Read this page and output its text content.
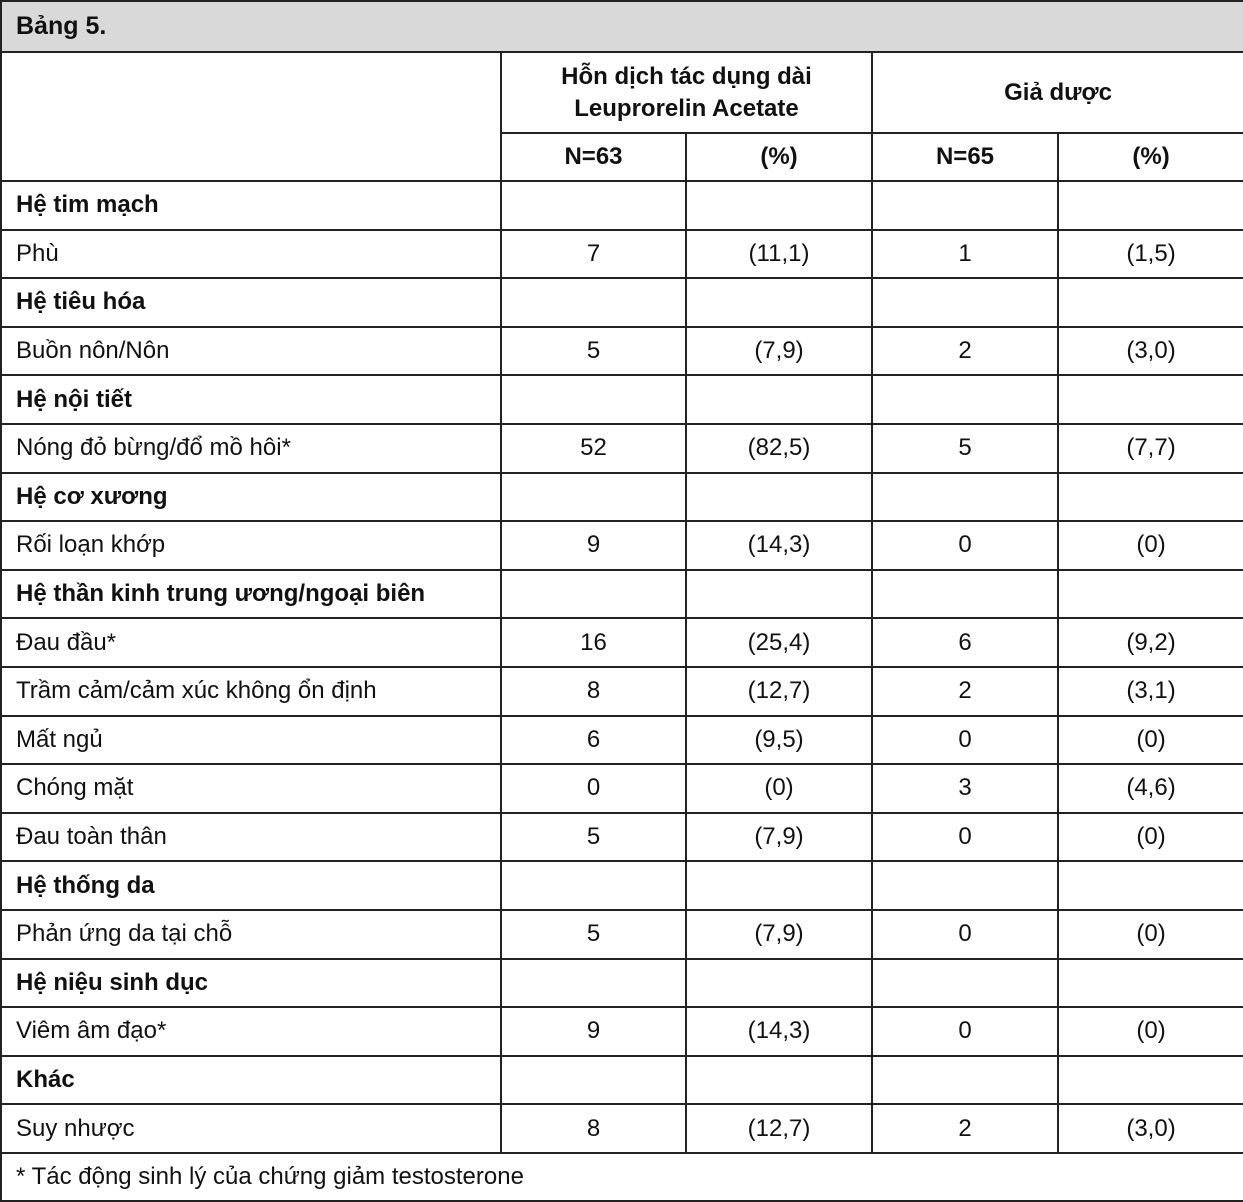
Bảng 5.				
	Hỗn dịch tác dụng dài
Leuprorelin Acetate		Giả dược	
	N=63	(%)	N=65	(%)
Hệ tim mạch				
Phù	7	(11,1)	1	(1,5)
Hệ tiêu hóa				
Buồn nôn/Nôn	5	(7,9)	2	(3,0)
Hệ nội tiết				
Nóng đỏ bừng/đổ mồ hôi*	52	(82,5)	5	(7,7)
Hệ cơ xương				
Rối loạn khớp	9	(14,3)	0	(0)
Hệ thần kinh trung ương/ngoại biên				
Đau đầu*	16	(25,4)	6	(9,2)
Trầm cảm/cảm xúc không ổn định	8	(12,7)	2	(3,1)
Mất ngủ	6	(9,5)	0	(0)
Chóng mặt	0	(0)	3	(4,6)
Đau toàn thân	5	(7,9)	0	(0)
Hệ thống da				
Phản ứng da tại chỗ	5	(7,9)	0	(0)
Hệ niệu sinh dục				
Viêm âm đạo*	9	(14,3)	0	(0)
Khác				
Suy nhược	8	(12,7)	2	(3,0)
* Tác động sinh lý của chứng giảm testosterone				
